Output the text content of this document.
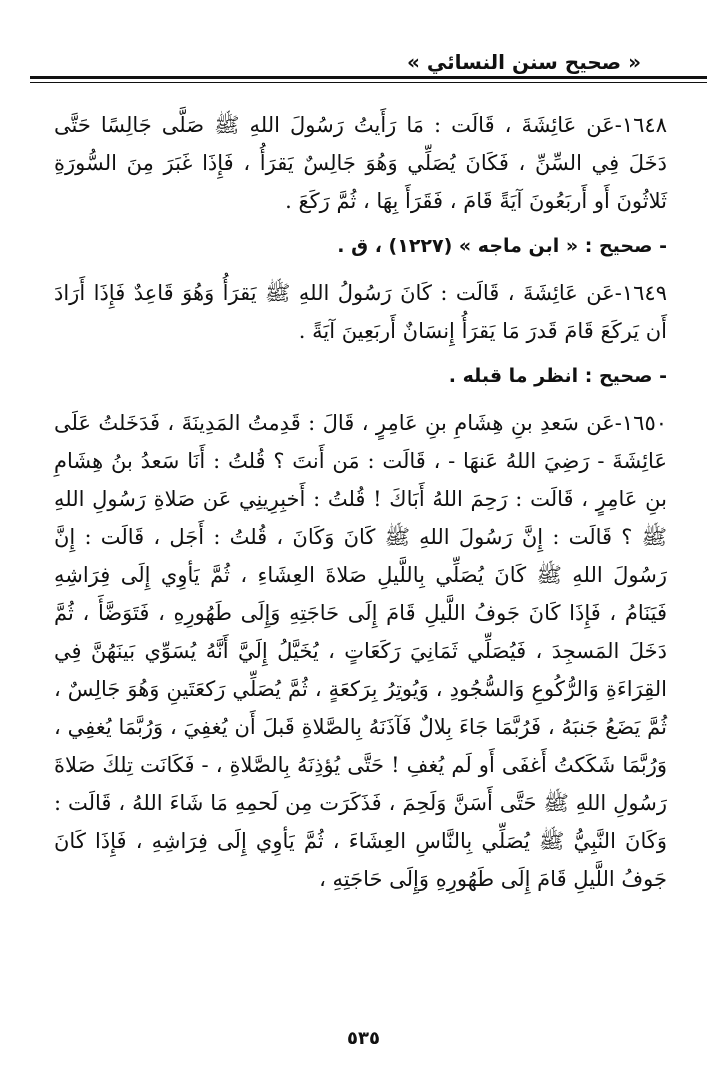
« صحيح سنن النسائي »

١٦٤٨-عَن عَائِشَةَ ، قَالَت : مَا رَأَيتُ رَسُولَ اللهِ ﷺ صَلَّى جَالِسًا حَتَّى دَخَلَ فِي السِّنِّ ، فَكَانَ يُصَلِّي وَهُوَ جَالِسٌ يَقرَأُ ، فَإِذَا غَبَرَ مِنَ السُّورَةِ ثَلاثُونَ أَو أَربَعُونَ آيَةً قَامَ ، فَقَرَأَ بِهَا ، ثُمَّ رَكَعَ .

- صحيح : « ابن ماجه » (١٢٢٧) ، ق .

١٦٤٩-عَن عَائِشَةَ ، قَالَت : كَانَ رَسُولُ اللهِ ﷺ يَقرَأُ وَهُوَ قَاعِدٌ فَإِذَا أَرَادَ أَن يَركَعَ قَامَ قَدرَ مَا يَقرَأُ إِنسَانٌ أَربَعِينَ آيَةً .

- صحيح : انظر ما قبله .

١٦٥٠-عَن سَعدِ بنِ هِشَامِ بنِ عَامِرٍ ، قَالَ : قَدِمتُ المَدِينَةَ ، فَدَخَلتُ عَلَى عَائِشَةَ - رَضِيَ اللهُ عَنهَا - ، قَالَت : مَن أَنتَ ؟ قُلتُ : أَنَا سَعدُ بنُ هِشَامِ بنِ عَامِرٍ ، قَالَت : رَحِمَ اللهُ أَبَاكَ ! قُلتُ : أَخبِرِينِي عَن صَلاةِ رَسُولِ اللهِ ﷺ ؟ قَالَت : إِنَّ رَسُولَ اللهِ ﷺ كَانَ وَكَانَ ، قُلتُ : أَجَل ، قَالَت : إِنَّ رَسُولَ اللهِ ﷺ كَانَ يُصَلِّي بِاللَّيلِ صَلاةَ العِشَاءِ ، ثُمَّ يَأوِي إِلَى فِرَاشِهِ فَيَنَامُ ، فَإِذَا كَانَ جَوفُ اللَّيلِ قَامَ إِلَى حَاجَتِهِ وَإِلَى طَهُورِهِ ، فَتَوَضَّأَ ، ثُمَّ دَخَلَ المَسجِدَ ، فَيُصَلِّي ثَمَانِيَ رَكَعَاتٍ ، يُخَيَّلُ إِلَيَّ أَنَّهُ يُسَوِّي بَينَهُنَّ فِي القِرَاءَةِ وَالرُّكُوعِ وَالسُّجُودِ ، وَيُوتِرُ بِرَكعَةٍ ، ثُمَّ يُصَلِّي رَكعَتَينِ وَهُوَ جَالِسٌ ، ثُمَّ يَضَعُ جَنبَهُ ، فَرُبَّمَا جَاءَ بِلالٌ فَآذَنَهُ بِالصَّلاةِ قَبلَ أَن يُغفِيَ ، وَرُبَّمَا يُغفِي ، وَرُبَّمَا شَكَكتُ أَغفَى أَو لَم يُغفِ ! حَتَّى يُؤذِنَهُ بِالصَّلاةِ ، - فَكَانَت تِلكَ صَلاةَ رَسُولِ اللهِ ﷺ حَتَّى أَسَنَّ وَلَحِمَ ، فَذَكَرَت مِن لَحمِهِ مَا شَاءَ اللهُ ، قَالَت : وَكَانَ النَّبِيُّ ﷺ يُصَلِّي بِالنَّاسِ العِشَاءَ ، ثُمَّ يَأوِي إِلَى فِرَاشِهِ ، فَإِذَا كَانَ جَوفُ اللَّيلِ قَامَ إِلَى طَهُورِهِ وَإِلَى حَاجَتِهِ ،

٥٣٥
